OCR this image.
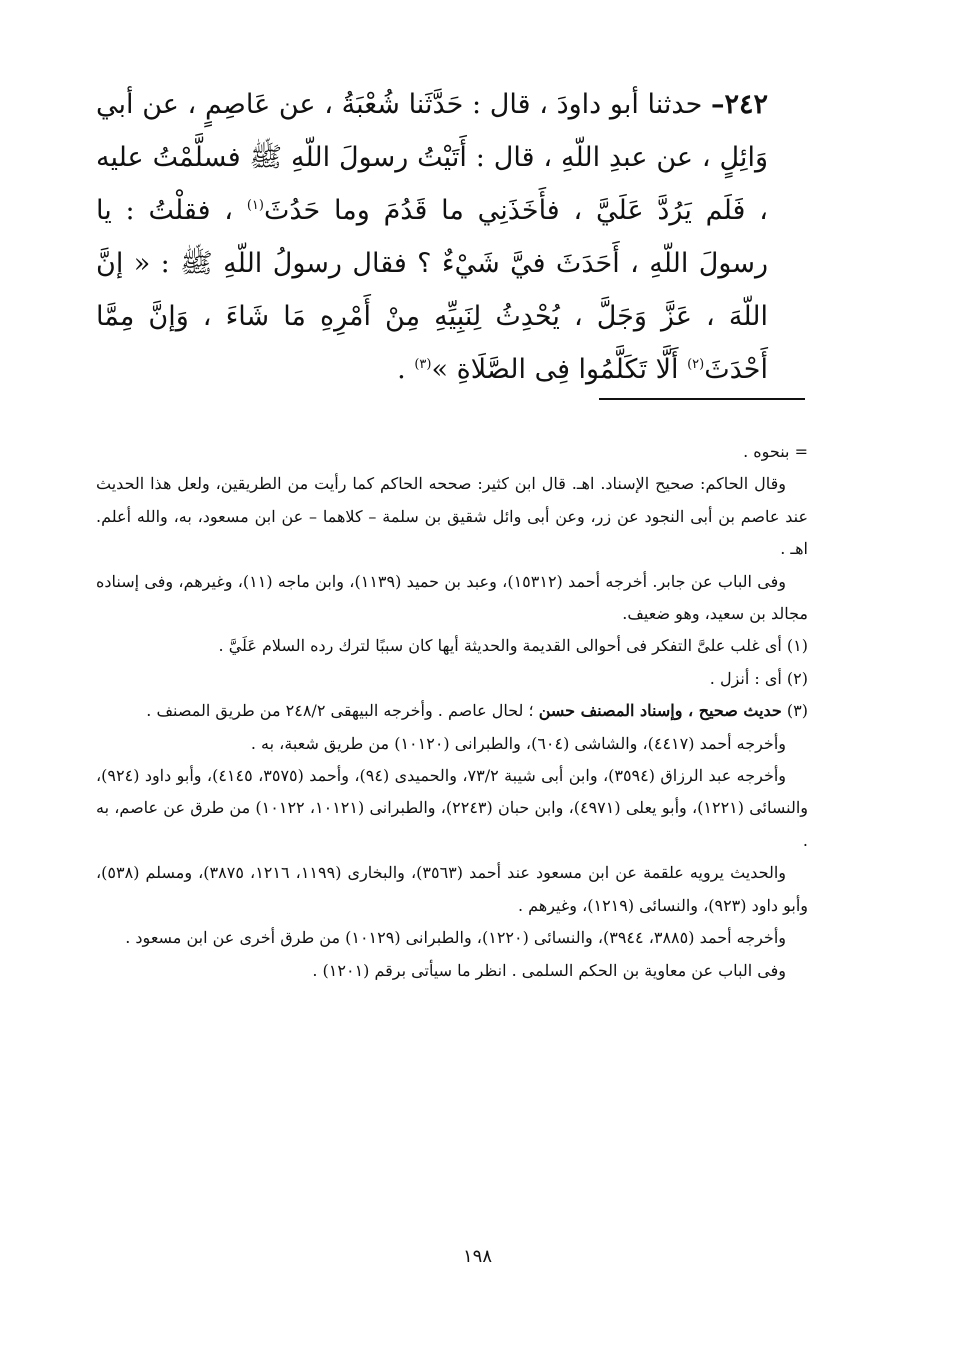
٢٤٢– حدثنا أبو داودَ ، قال : حَدَّثَنا شُعْبَةُ ، عن عَاصِمٍ ، عن أبي وَائِلٍ ، عن عبدِ اللّهِ ، قال : أَتَيْتُ رسولَ اللّهِ ﷺ فسلَّمْتُ عليه ، فَلَم يَرُدَّ عَلَيَّ ، فأَخَذَنِي ما قَدُمَ وما حَدُثَ$^{(١)}$ ، فقلْتُ : يا رسولَ اللّهِ ، أَحَدَثَ فيَّ شَيْءٌ ؟ فقال رسولُ اللّهِ ﷺ : « إنَّ اللّهَ ، عَزَّ وَجَلَّ ، يُحْدِثُ لِنَبِيِّهِ مِنْ أَمْرِهِ مَا شَاءَ ، وَإنَّ مِمَّا أَحْدَثَ$^{(٢)}$ أَلَّا تَكَلَّمُوا فِى الصَّلَاةِ »$^{(٣)}$ .

= بنحوه .

وقال الحاكم: صحيح الإسناد. اهـ. قال ابن كثير: صححه الحاكم كما رأيت من الطريقين، ولعل هذا الحديث عند عاصم بن أبى النجود عن زر، وعن أبى وائل شقيق بن سلمة – كلاهما – عن ابن مسعود، به، والله أعلم. اهـ .

وفى الباب عن جابر. أخرجه أحمد (١٥٣١٢)، وعبد بن حميد (١١٣٩)، وابن ماجه (١١)، وغيرهم، وفى إسناده مجالد بن سعيد، وهو ضعيف.

(١) أى غلب علىَّ التفكر فى أحوالى القديمة والحديثة أيها كان سببًا لترك رده السلام عَلَيَّ .

(٢) أى : أنزل .

(٣) حديث صحيح ، وإسناد المصنف حسن ؛ لحال عاصم . وأخرجه البيهقى ٢٤٨/٢ من طريق المصنف .

وأخرجه أحمد (٤٤١٧)، والشاشى (٦٠٤)، والطبرانى (١٠١٢٠) من طريق شعبة، به .

وأخرجه عبد الرزاق (٣٥٩٤)، وابن أبى شيبة ٧٣/٢، والحميدى (٩٤)، وأحمد (٣٥٧٥، ٤١٤٥)، وأبو داود (٩٢٤)، والنسائى (١٢٢١)، وأبو يعلى (٤٩٧١)، وابن حبان (٢٢٤٣)، والطبرانى (١٠١٢١، ١٠١٢٢) من طرق عن عاصم، به .

والحديث يرويه علقمة عن ابن مسعود عند أحمد (٣٥٦٣)، والبخارى (١١٩٩، ١٢١٦، ٣٨٧٥)، ومسلم (٥٣٨)، وأبو داود (٩٢٣)، والنسائى (١٢١٩)، وغيرهم .

وأخرجه أحمد (٣٨٨٥، ٣٩٤٤)، والنسائى (١٢٢٠)، والطبرانى (١٠١٢٩) من طرق أخرى عن ابن مسعود .

وفى الباب عن معاوية بن الحكم السلمى . انظر ما سيأتى برقم (١٢٠١) .

١٩٨
